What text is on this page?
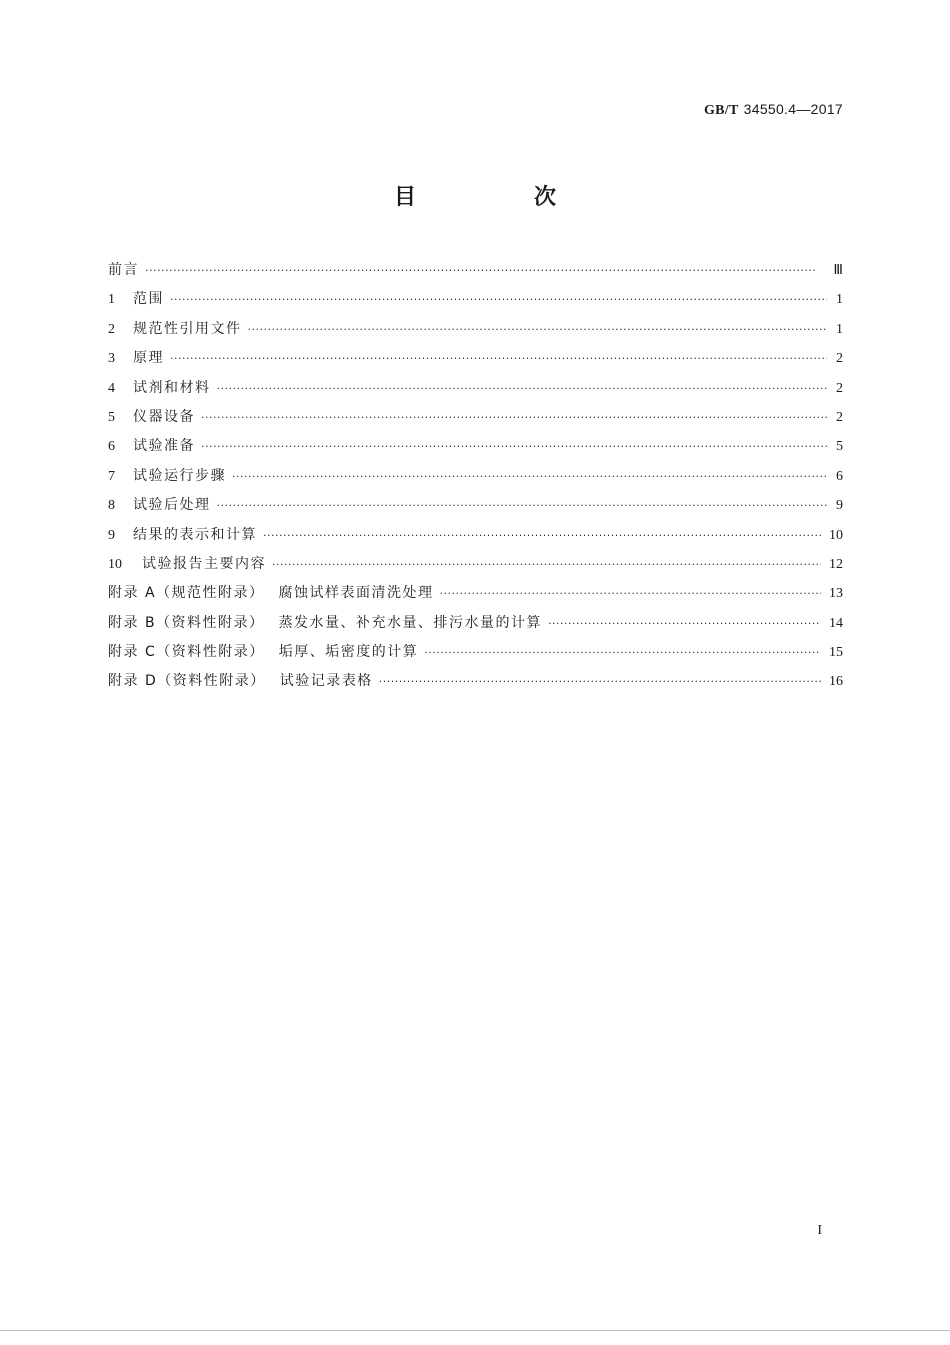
GB/T 34550.4—2017
目　次
前言 ·····	Ⅲ
1	范围 ·····	1
2	规范性引用文件 ·····	1
3	原理 ·····	2
4	试剂和材料 ·····	2
5	仪器设备 ·····	2
6	试验准备 ·····	5
7	试验运行步骤 ·····	6
8	试验后处理 ·····	9
9	结果的表示和计算 ·····	10
10	试验报告主要内容 ·····	12
附录 A（规范性附录） 腐蚀试样表面清洗处理 ·····	13
附录 B（资料性附录） 蒸发水量、补充水量、排污水量的计算 ·····	14
附录 C（资料性附录） 垢厚、垢密度的计算 ·····	15
附录 D（资料性附录） 试验记录表格 ·····	16
I
